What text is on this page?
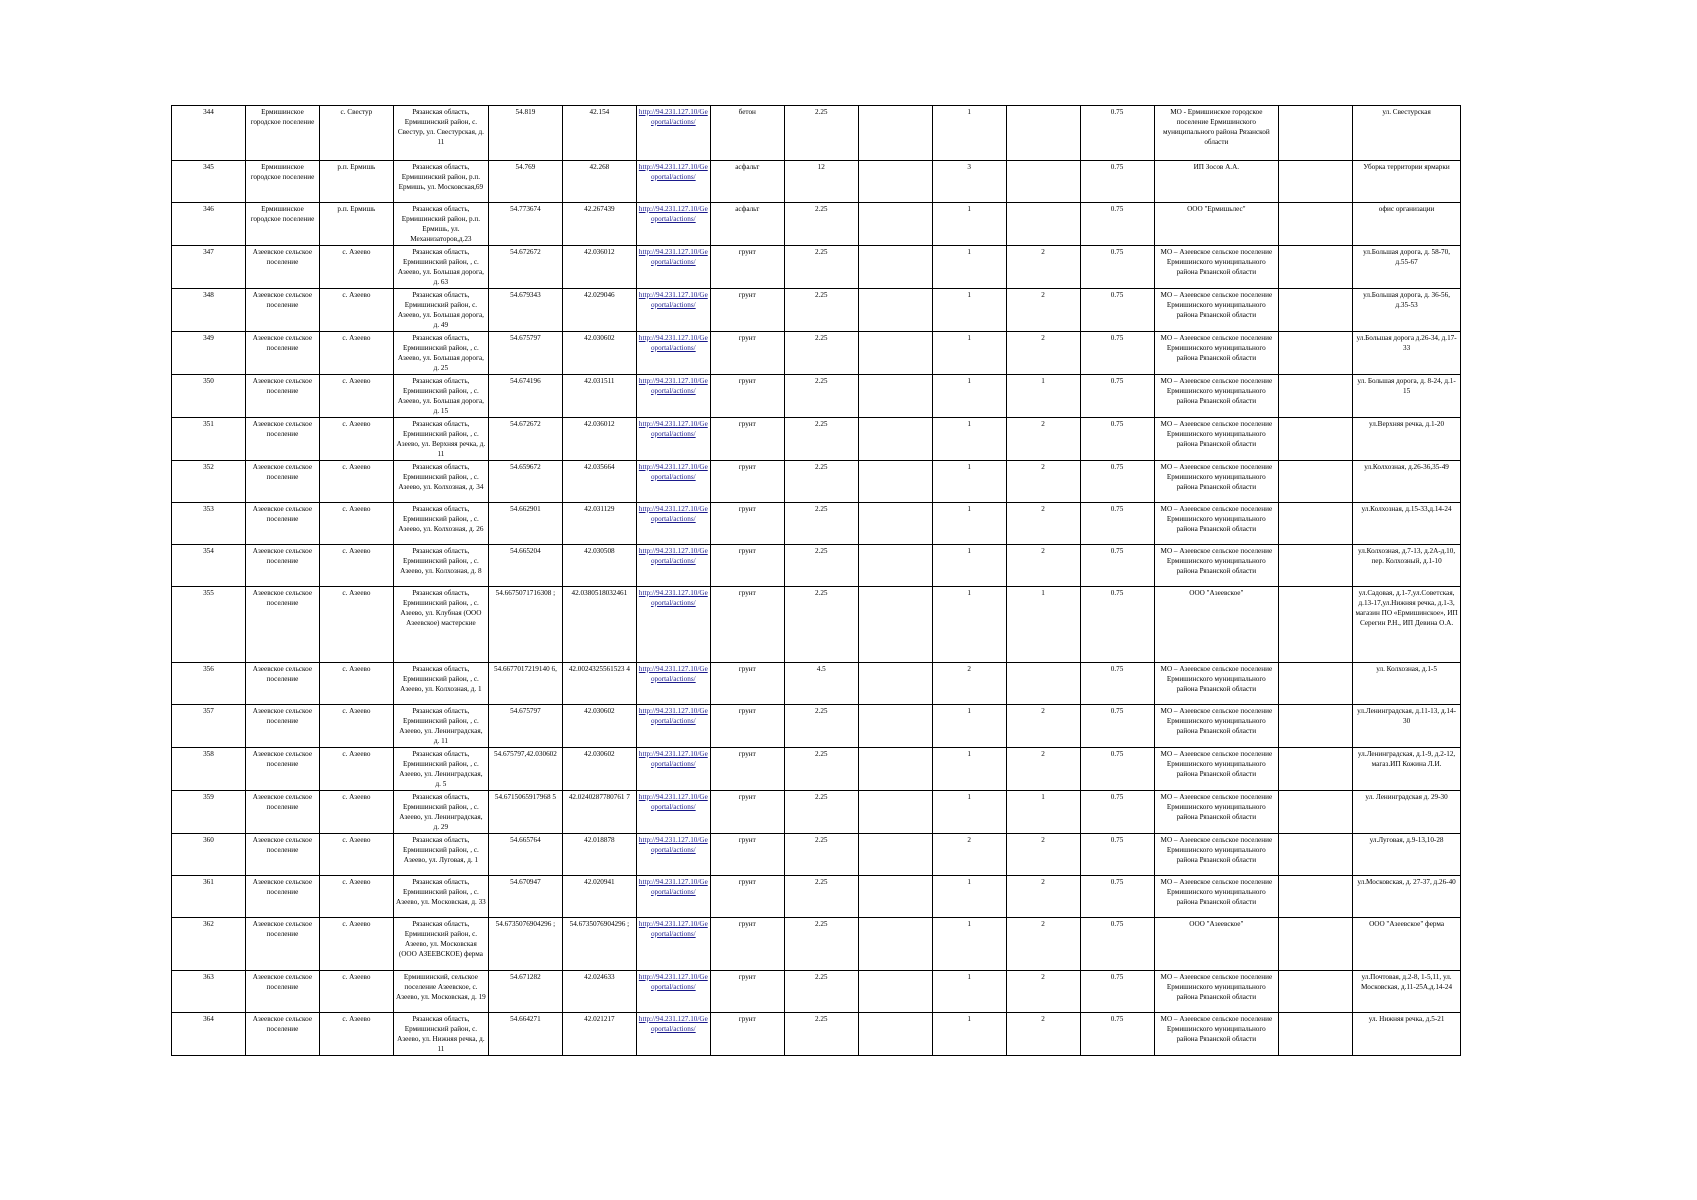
344	Ермишинское городское поселение	с. Свестур	Рязанская область, Ермишинский район, с. Свестур, ул. Свестурская, д. 11	54.819	42.154	http://94.231.127.10/Geoportal/actions/	бетон	2.25		1		0.75	МО - Ермишинское городское поселение Ермишинского муниципального района Рязанской области		ул. Свестурская
345	Ермишинское городское поселение	р.п. Ермишь	Рязанская область, Ермишинский район, р.п. Ермишь, ул. Московская,69	54.769	42.268	http://94.231.127.10/Geoportal/actions/	асфальт	12		3		0.75	ИП Зосов А.А.		Уборка территории ярмарки
346	Ермишинское городское поселение	р.п. Ермишь	Рязанская область, Ермишинский район, р.п. Ермишь, ул. Механизаторов,д.23	54.773674	42.267439	http://94.231.127.10/Geoportal/actions/	асфальт	2.25		1		0.75	ООО "Ермишьлес"		офис организации
347	Азеевское сельское поселение	с. Азеево	Рязанская область, Ермишинский район, , с. Азеево, ул. Большая дорога, д. 63	54.672672	42.036012	http://94.231.127.10/Geoportal/actions/	грунт	2.25		1	2	0.75	МО – Азеевское сельское поселение Ермишинского муниципального района Рязанской области		ул.Большая дорога, д. 58-70, д.55-67
348	Азеевское сельское поселение	с. Азеево	Рязанская область, Ермишинский район, с. Азеево, ул. Большая дорога, д. 49	54.679343	42.029046	http://94.231.127.10/Geoportal/actions/	грунт	2.25		1	2	0.75	МО – Азеевское сельское поселение Ермишинского муниципального района Рязанской области		ул.Большая дорога, д. 36-56, д.35-53
349	Азеевское сельское поселение	с. Азеево	Рязанская область, Ермишинский район, , с. Азеево, ул. Большая дорога, д. 25	54.675797	42.030602	http://94.231.127.10/Geoportal/actions/	грунт	2.25		1	2	0.75	МО – Азеевское сельское поселение Ермишинского муниципального района Рязанской области		ул.Большая дорога д.26-34, д.17-33
350	Азеевское сельское поселение	с. Азеево	Рязанская область, Ермишинский район, , с. Азеево, ул. Большая дорога, д. 15	54.674196	42.031511	http://94.231.127.10/Geoportal/actions/	грунт	2.25		1	1	0.75	МО – Азеевское сельское поселение Ермишинского муниципального района Рязанской области		ул. Большая дорога, д. 8-24, д.1-15
351	Азеевское сельское поселение	с. Азеево	Рязанская область, Ермишинский район, , с. Азеево, ул. Верхняя речка, д. 11	54.672672	42.036012	http://94.231.127.10/Geoportal/actions/	грунт	2.25		1	2	0.75	МО – Азеевское сельское поселение Ермишинского муниципального района Рязанской области		ул.Верхняя речка, д.1-20
352	Азеевское сельское поселение	с. Азеево	Рязанская область, Ермишинский район, , с. Азеево, ул. Колхозная, д. 34	54.659672	42.035664	http://94.231.127.10/Geoportal/actions/	грунт	2.25		1	2	0.75	МО – Азеевское сельское поселение Ермишинского муниципального района Рязанской области		ул.Колхозная, д.26-36,35-49
353	Азеевское сельское поселение	с. Азеево	Рязанская область, Ермишинский район, , с. Азеево, ул. Колхозная, д. 26	54.662901	42.031129	http://94.231.127.10/Geoportal/actions/	грунт	2.25		1	2	0.75	МО – Азеевское сельское поселение Ермишинского муниципального района Рязанской области		ул.Колхозная, д.15-33,д.14-24
354	Азеевское сельское поселение	с. Азеево	Рязанская область, Ермишинский район, , с. Азеево, ул. Колхозная, д. 8	54.665204	42.030508	http://94.231.127.10/Geoportal/actions/	грунт	2.25		1	2	0.75	МО – Азеевское сельское поселение Ермишинского муниципального района Рязанской области		ул.Колхозная, д.7-13, д.2А-д.10, пер. Колхозный, д.1-10
355	Азеевское сельское поселение	с. Азеево	Рязанская область, Ермишинский район, , с. Азеево, ул. Клубная (ООО Азеевское) мастерские	54.6675071716308 ;	42.0380518032461	http://94.231.127.10/Geoportal/actions/	грунт	2.25		1	1	0.75	ООО "Азеевское"		ул.Садовая, д.1-7,ул.Советская, д.13-17,ул.Нижняя речка, д.1-3, магазин ПО «Ермишинское», ИП Серегин Р.Н., ИП Девина О.А.
356	Азеевское сельское поселение	с. Азеево	Рязанская область, Ермишинский район, , с. Азеево, ул. Колхозная, д. 1	54.6677017219140 6,	42.0024325561523 4	http://94.231.127.10/Geoportal/actions/	грунт	4.5		2		0.75	МО – Азеевское сельское поселение Ермишинского муниципального района Рязанской области		ул. Колхозная, д.1-5
357	Азеевское сельское поселение	с. Азеево	Рязанская область, Ермишинский район, , с. Азеево, ул. Ленинградская, д. 11	54.675797	42.030602	http://94.231.127.10/Geoportal/actions/	грунт	2.25		1	2	0.75	МО – Азеевское сельское поселение Ермишинского муниципального района Рязанской области		ул.Ленинградская, д.11-13, д.14-30
358	Азеевское сельское поселение	с. Азеево	Рязанская область, Ермишинский район, , с. Азеево, ул. Ленинградская, д. 5	54.675797,42.030602	42.030602	http://94.231.127.10/Geoportal/actions/	грунт	2.25		1	2	0.75	МО – Азеевское сельское поселение Ермишинского муниципального района Рязанской области		ул.Ленинградская, д.1-9, д.2-12, магаз.ИП Кожина Л.И.
359	Азеевское сельское поселение	с. Азеево	Рязанская область, Ермишинский район, , с. Азеево, ул. Ленинградская, д. 29	54.6715065917968 5	42.0240287780761 7	http://94.231.127.10/Geoportal/actions/	грунт	2.25		1	1	0.75	МО – Азеевское сельское поселение Ермишинского муниципального района Рязанской области		ул. Ленинградская д. 29-30
360	Азеевское сельское поселение	с. Азеево	Рязанская область, Ермишинский район, , с. Азеево, ул. Луговая, д. 1	54.665764	42.018878	http://94.231.127.10/Geoportal/actions/	грунт	2.25		2	2	0.75	МО – Азеевское сельское поселение Ермишинского муниципального района Рязанской области		ул.Луговая, д.9-13,10-28
361	Азеевское сельское поселение	с. Азеево	Рязанская область, Ермишинский район, , с. Азеево, ул. Московская, д. 33	54.670947	42.020941	http://94.231.127.10/Geoportal/actions/	грунт	2.25		1	2	0.75	МО – Азеевское сельское поселение Ермишинского муниципального района Рязанской области		ул.Московская, д. 27-37, д.26-40
362	Азеевское сельское поселение	с. Азеево	Рязанская область, Ермишинский район, с. Азеево, ул. Московская (ООО АЗЕЕВСКОЕ) ферма	54.6735076904296 ;	54.6735076904296 ;	http://94.231.127.10/Geoportal/actions/	грунт	2.25		1	2	0.75	ООО "Азеевское"		ООО "Азеевское" ферма
363	Азеевское сельское поселение	с. Азеево	Ермишинский, сельское поселение Азеевское, с. Азеево, ул. Московская, д. 19	54.671282	42.024633	http://94.231.127.10/Geoportal/actions/	грунт	2.25		1	2	0.75	МО – Азеевское сельское поселение Ермишинского муниципального района Рязанской области		ул.Почтовая, д.2-8, 1-5,11, ул. Московская, д.11-25А,д.14-24
364	Азеевское сельское поселение	с. Азеево	Рязанская область, Ермишинский район, с. Азеево, ул. Нижняя речка, д. 11	54.664271	42.021217	http://94.231.127.10/Geoportal/actions/	грунт	2.25		1	2	0.75	МО – Азеевское сельское поселение Ермишинского муниципального района Рязанской области		ул. Нижняя речка, д.5-21
